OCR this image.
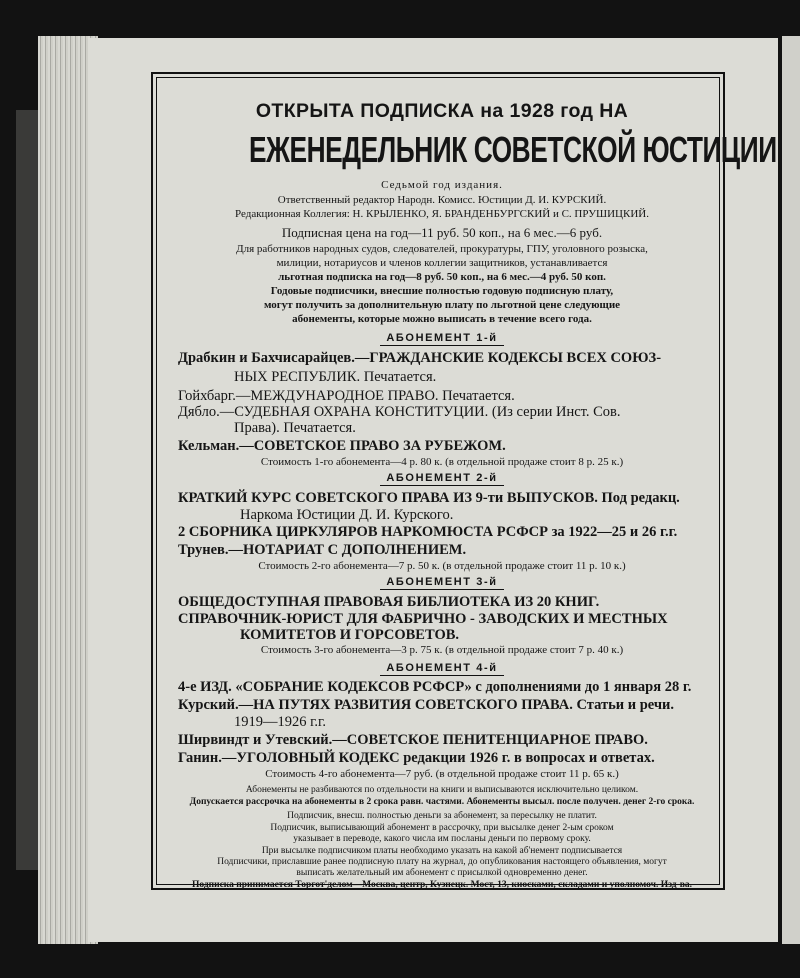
ОТКРЫТА ПОДПИСКА на 1928 год НА
ЕЖЕНЕДЕЛЬНИК СОВЕТСКОЙ ЮСТИЦИИ
Седьмой год издания.
Ответственный редактор Народн. Комисс. Юстиции Д. И. КУРСКИЙ.
Редакционная Коллегия: Н. КРЫЛЕНКО, Я. БРАНДЕНБУРГСКИЙ и С. ПРУШИЦКИЙ.
Подписная цена на год—11 руб. 50 коп., на 6 мес.—6 руб.
Для работников народных судов, следователей, прокуратуры, ГПУ, уголовного розыска,
милиции, нотариусов и членов коллегии защитников, устанавливается
льготная подписка на год—8 руб. 50 коп., на 6 мес.—4 руб. 50 коп.
Годовые подписчики, внесшие полностью годовую подписную плату,
могут получить за дополнительную плату по льготной цене следующие
абонементы, которые можно выписать в течение всего года.
АБОНЕМЕНТ 1-й
Драбкин и Бахчисарайцев.—ГРАЖДАНСКИЕ КОДЕКСЫ ВСЕХ СОЮЗ-
НЫХ РЕСПУБЛИК. Печатается.
Гойхбарг.—МЕЖДУНАРОДНОЕ ПРАВО. Печатается.
Дябло.—СУДЕБНАЯ ОХРАНА КОНСТИТУЦИИ. (Из серии Инст. Сов.
Права). Печатается.
Кельман.—СОВЕТСКОЕ ПРАВО ЗА РУБЕЖОМ.
Стоимость 1-го абонемента—4 р. 80 к. (в отдельной продаже стоит 8 р. 25 к.)
АБОНЕМЕНТ 2-й
КРАТКИЙ КУРС СОВЕТСКОГО ПРАВА ИЗ 9-ти ВЫПУСКОВ. Под редакц.
Наркома Юстиции Д. И. Курского.
2 СБОРНИКА ЦИРКУЛЯРОВ НАРКОМЮСТА РСФСР за 1922—25 и 26 г.г.
Трунев.—НОТАРИАТ С ДОПОЛНЕНИЕМ.
Стоимость 2-го абонемента—7 р. 50 к. (в отдельной продаже стоит 11 р. 10 к.)
АБОНЕМЕНТ 3-й
ОБЩЕДОСТУПНАЯ ПРАВОВАЯ БИБЛИОТЕКА ИЗ 20 КНИГ.
СПРАВОЧНИК-ЮРИСТ ДЛЯ ФАБРИЧНО - ЗАВОДСКИХ И МЕСТНЫХ
КОМИТЕТОВ И ГОРСОВЕТОВ.
Стоимость 3-го абонемента—3 р. 75 к. (в отдельной продаже стоит 7 р. 40 к.)
АБОНЕМЕНТ 4-й
4-е ИЗД. «СОБРАНИЕ КОДЕКСОВ РСФСР» с дополнениями до 1 января 28 г.
Курский.—НА ПУТЯХ РАЗВИТИЯ СОВЕТСКОГО ПРАВА. Статьи и речи.
1919—1926 г.г.
Ширвиндт и Утевский.—СОВЕТСКОЕ ПЕНИТЕНЦИАРНОЕ ПРАВО.
Ганин.—УГОЛОВНЫЙ КОДЕКС редакции 1926 г. в вопросах и ответах.
Стоимость 4-го абонемента—7 руб. (в отдельной продаже стоит 11 р. 65 к.)
Абонементы не разбиваются по отдельности на книги и выписываются исключительно целиком.
Допускается рассрочка на абонементы в 2 срока равн. частями. Абонементы высыл. после получен. денег 2-го срока.
Подписчик, внесш. полностью деньги за абонемент, за пересылку не платит.
Подписчик, выписывающий абонемент в рассрочку, при высылке денег 2-ым сроком
указывает в переводе, какого числа им посланы деньги по первому сроку.
При высылке подписчиком платы необходимо указать на какой аб'немент подписывается
Подписчики, приславшие ранее подписную плату на журнал, до опубликования настоящего объявления, могут
выписать желательный им абонемент с присылкой одновременно денег.
Подписка принимается Торгот'делом—Москва, центр, Кузнецк. Мост, 13, киосками, складами и уполномоч. Изд-ва.
